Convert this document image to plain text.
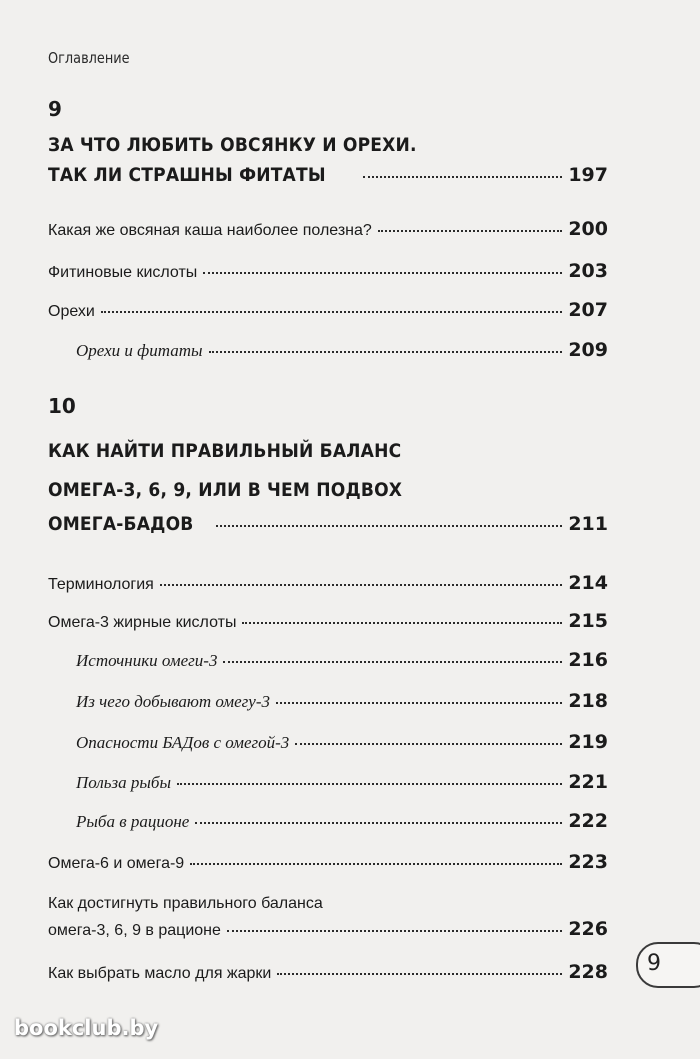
Оглавление
9
ЗА ЧТО ЛЮБИТЬ ОВСЯНКУ И ОРЕХИ.
ТАК ЛИ СТРАШНЫ ФИТАТЫ	197
Какая же овсяная каша наиболее полезна?	200
Фитиновые кислоты	203
Орехи	207
Орехи и фитаты	209
10
КАК НАЙТИ ПРАВИЛЬНЫЙ БАЛАНС
ОМЕГА-3, 6, 9, ИЛИ В ЧЕМ ПОДВОХ
ОМЕГА-БАДОВ	211
Терминология	214
Омега-3 жирные кислоты	215
Источники омеги-3	216
Из чего добывают омегу-3	218
Опасности БАДов с омегой-3	219
Польза рыбы	221
Рыба в рационе	222
Омега-6 и омега-9	223
Как достигнуть правильного баланса
омега-3, 6, 9 в рационе	226
Как выбрать масло для жарки	228 9
bookclub.by
